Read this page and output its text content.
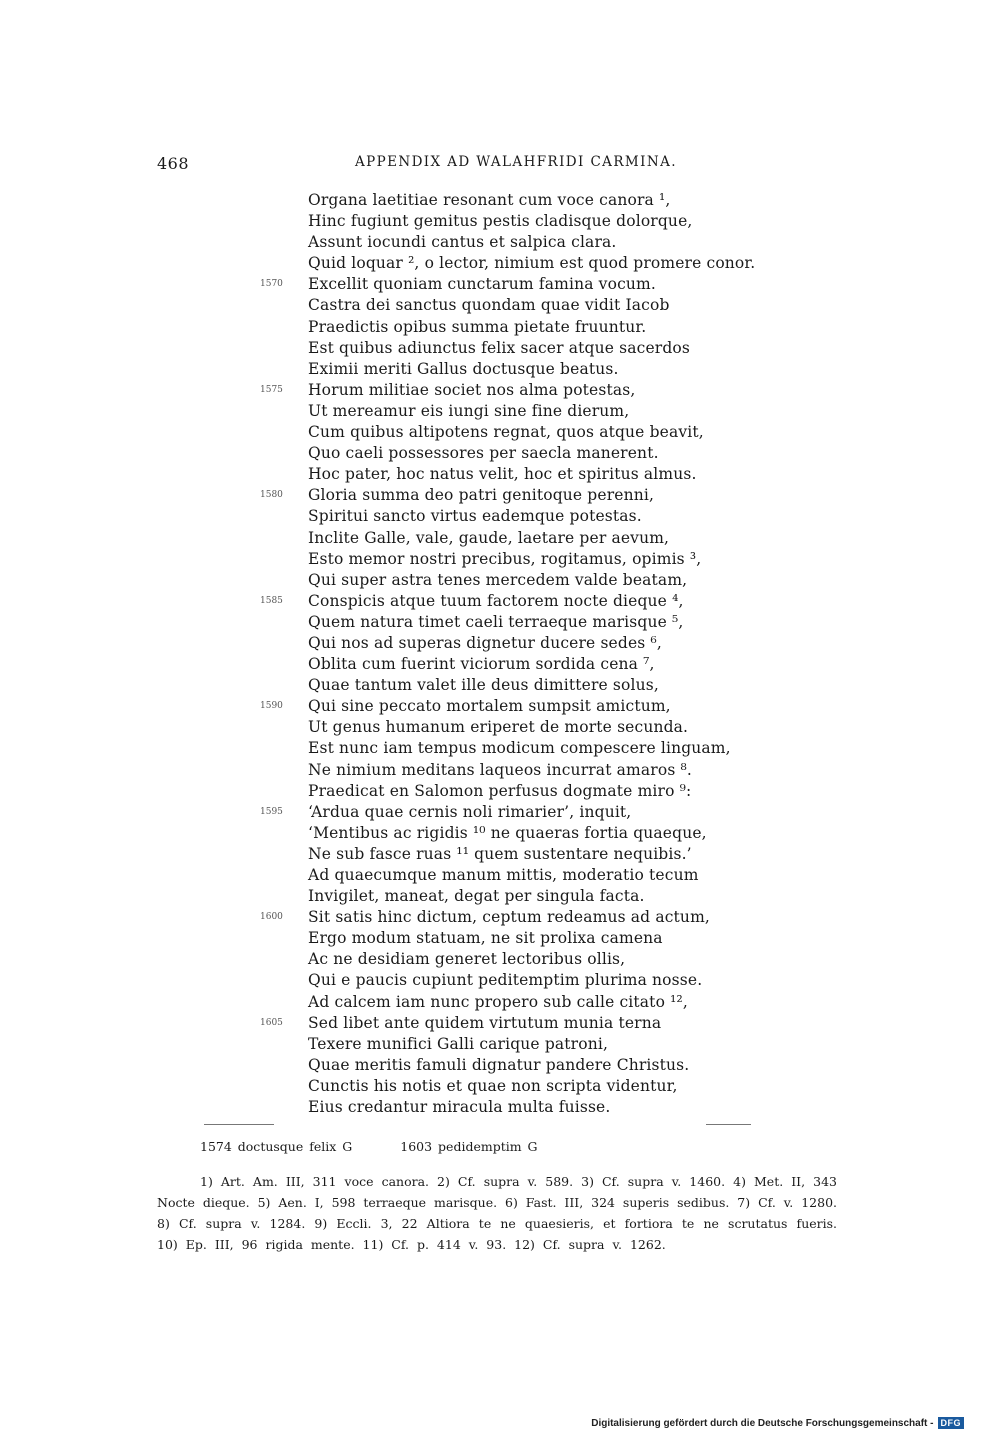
468	APPENDIX AD WALAHFRIDI CARMINA.
Organa laetitiae resonant cum voce canora ¹,
Hinc fugiunt gemitus pestis cladisque dolorque,
Assunt iocundi cantus et salpica clara.
Quid loquar ², o lector, nimium est quod promere conor.
1570 Excellit quoniam cunctarum famina vocum.
Castra dei sanctus quondam quae vidit Iacob
Praedictis opibus summa pietate fruuntur.
Est quibus adiunctus felix sacer atque sacerdos
Eximii meriti Gallus doctusque beatus.
1575 Horum militiae societ nos alma potestas,
Ut mereamur eis iungi sine fine dierum,
Cum quibus altipotens regnat, quos atque beavit,
Quo caeli possessores per saecla manerent.
Hoc pater, hoc natus velit, hoc et spiritus almus.
1580 Gloria summa deo patri genitoque perenni,
Spiritui sancto virtus eademque potestas.
Inclite Galle, vale, gaude, laetare per aevum,
Esto memor nostri precibus, rogitamus, opimis ³,
Qui super astra tenes mercedem valde beatam,
1585 Conspicis atque tuum factorem nocte dieque ⁴,
Quem natura timet caeli terraeque marisque ⁵,
Qui nos ad superas dignetur ducere sedes ⁶,
Oblita cum fuerint viciorum sordida cena ⁷,
Quae tantum valet ille deus dimittere solus,
1590 Qui sine peccato mortalem sumpsit amictum,
Ut genus humanum eriperet de morte secunda.
Est nunc iam tempus modicum compescere linguam,
Ne nimium meditans laqueos incurrat amaros ⁸.
Praedicat en Salomon perfusus dogmate miro ⁹:
1595 ‘Ardua quae cernis noli rimarier’, inquit,
‘Mentibus ac rigidis ¹⁰ ne quaeras fortia quaeque,
Ne sub fasce ruas ¹¹ quem sustentare nequibis.’
Ad quaecumque manum mittis, moderatio tecum
Invigilet, maneat, degat per singula facta.
1600 Sit satis hinc dictum, ceptum redeamus ad actum,
Ergo modum statuam, ne sit prolixa camena
Ac ne desidiam generet lectoribus ollis,
Qui e paucis cupiunt peditemptim plurima nosse.
Ad calcem iam nunc propero sub calle citato ¹²,
1605 Sed libet ante quidem virtutum munia terna
Texere munifici Galli carique patroni,
Quae meritis famuli dignatur pandere Christus.
Cunctis his notis et quae non scripta videntur,
Eius credantur miracula multa fuisse.
1574 doctusque felix G	1603 pedidemptim G
1) Art. Am. III, 311 voce canora. 2) Cf. supra v. 589. 3) Cf. supra v. 1460. 4) Met. II, 343
Nocte dieque. 5) Aen. I, 598 terraeque marisque. 6) Fast. III, 324 superis sedibus. 7) Cf. v. 1280.
8) Cf. supra v. 1284. 9) Eccli. 3, 22 Altiora te ne quaesieris, et fortiora te ne scrutatus fueris.
10) Ep. III, 96 rigida mente. 11) Cf. p. 414 v. 93. 12) Cf. supra v. 1262.
Digitalisierung gefördert durch die Deutsche Forschungsgemeinschaft - DFG
